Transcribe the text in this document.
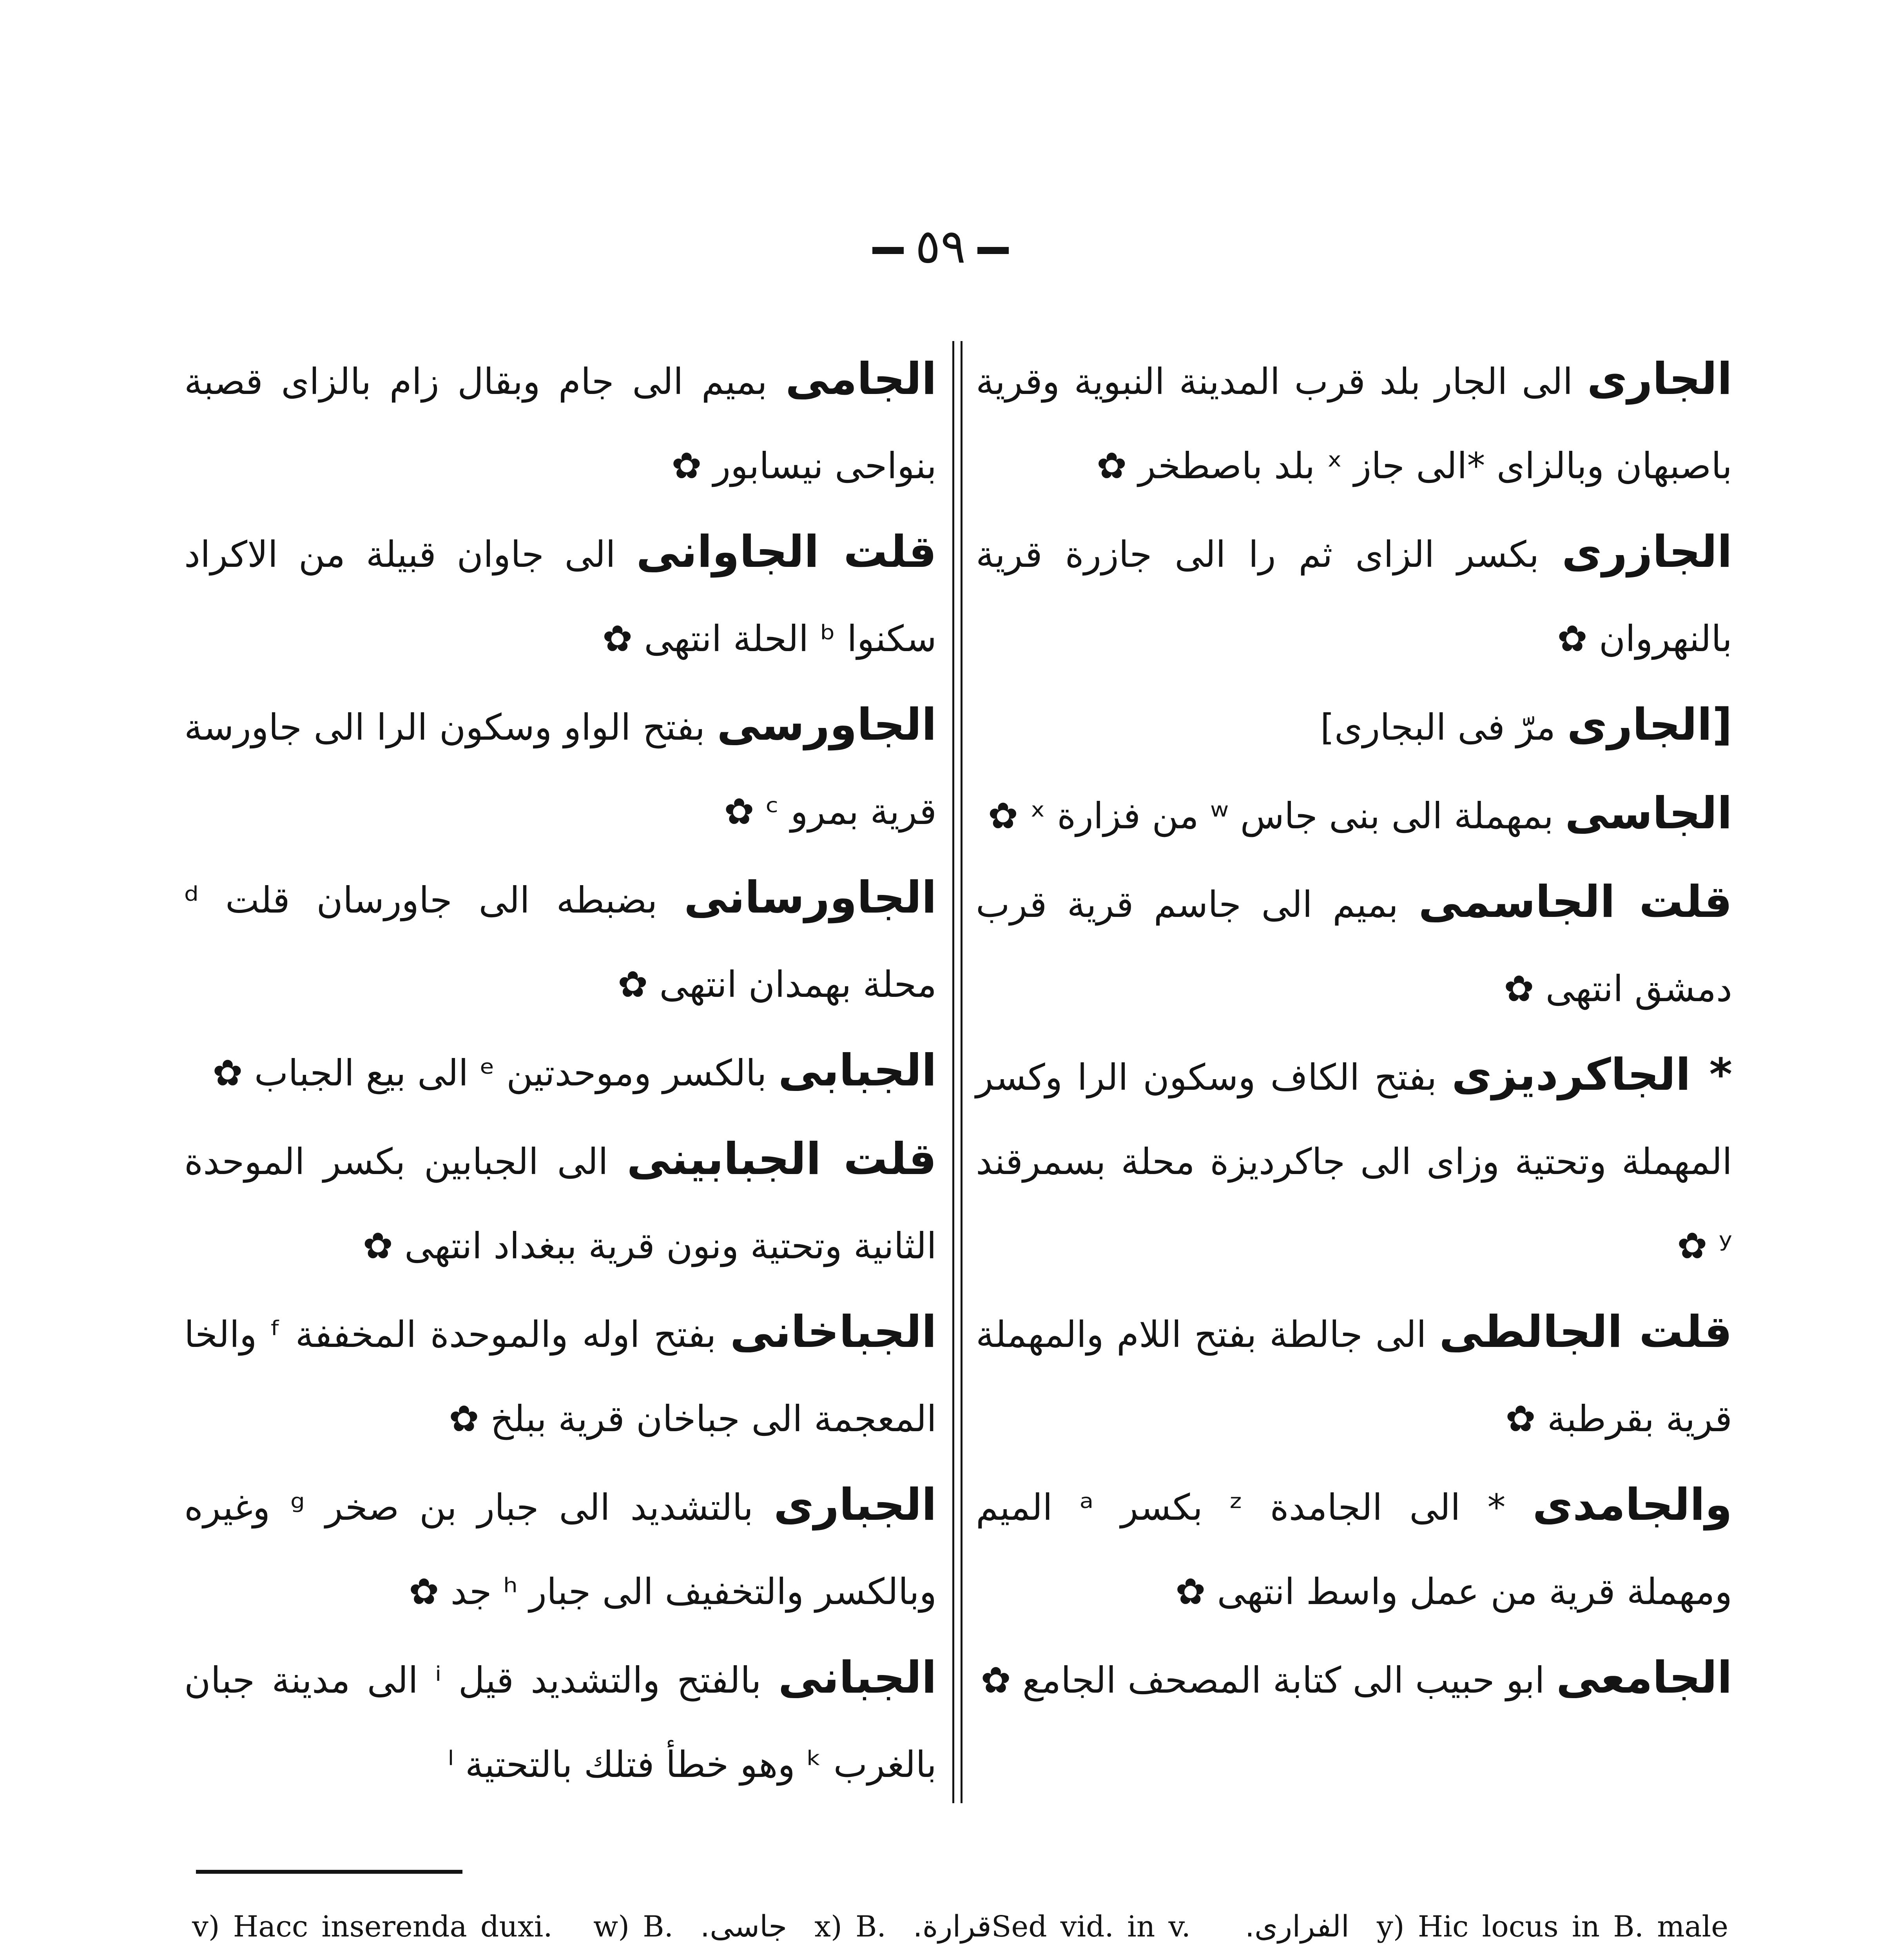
٥٩
الجارى الى الجار بلد قرب المدينة النبوية وقرية باصبهان وبالزاى *الى جاز ˣ بلد باصطخر ✿
الجازرى بكسر الزاى ثم را الى جازرة قرية بالنهروان ✿
[الجارى مرّ فى البجارى]
الجاسى بمهملة الى بنى جاس ʷ من فزارة ˣ ✿
قلت الجاسمى بميم الى جاسم قرية قرب دمشق انتهى ✿
* الجاكرديزى بفتح الكاف وسكون الرا وكسر المهملة وتحتية وزاى الى جاكرديزة محلة بسمرقند ʸ ✿
قلت الجالطى الى جالطة بفتح اللام والمهملة قرية بقرطبة ✿
والجامدى * الى الجامدة ᶻ بكسر ᵃ الميم ومهملة قرية من عمل واسط انتهى ✿
الجامعى ابو حبيب الى كتابة المصحف الجامع ✿
الجامى بميم الى جام وبقال زام بالزاى قصبة بنواحى نيسابور ✿
قلت الجاوانى الى جاوان قبيلة من الاكراد سكنوا ᵇ الحلة انتهى ✿
الجاورسى بفتح الواو وسكون الرا الى جاورسة قرية بمرو ᶜ ✿
الجاورسانى بضبطه الى جاورسان قلت ᵈ محلة بهمدان انتهى ✿
الجبابى بالكسر وموحدتين ᵉ الى بيع الجباب ✿
قلت الجبابينى الى الجبابين بكسر الموحدة الثانية وتحتية ونون قرية ببغداد انتهى ✿
الجباخانى بفتح اوله والموحدة المخففة ᶠ والخا المعجمة الى جباخان قرية ببلخ ✿
الجبارى بالتشديد الى جبار بن صخر ᵍ وغيره وبالكسر والتخفيف الى جبار ʰ جد ✿
الجبانى بالفتح والتشديد قيل ⁱ الى مدينة جبان بالغرب ᵏ وهو خطأ فتلك بالتحتية ˡ
v) Hacc inserenda duxi. w) B. جاسى. x) B. قرارة. Sed vid. in v. الفرارى. y) Hic locus in B. male
